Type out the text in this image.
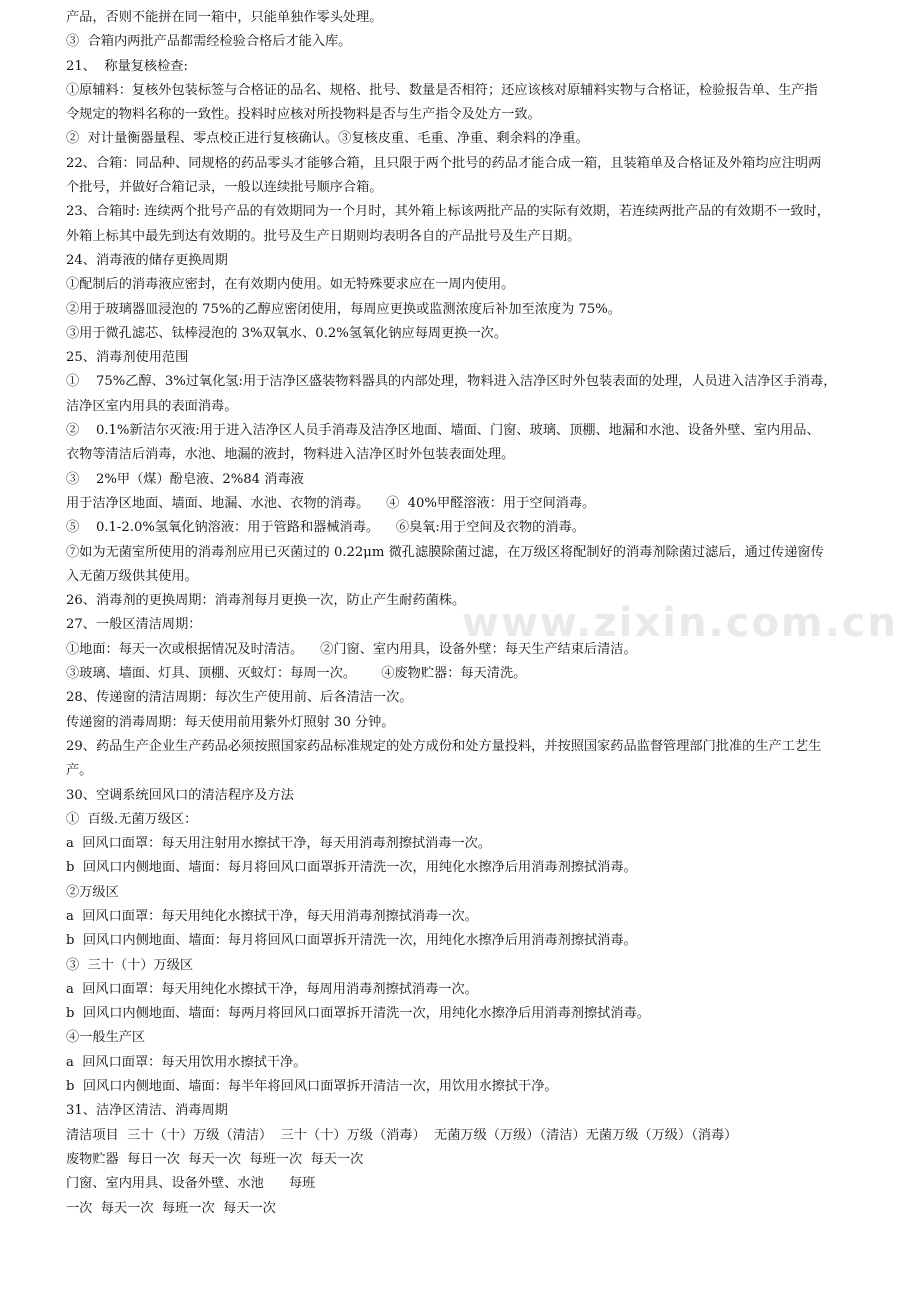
www.zixin.com.cn
产品，否则不能拼在同一箱中，只能单独作零头处理。
③  合箱内两批产品都需经检验合格后才能入库。
21、  称量复核检查:
①原辅料：复核外包装标签与合格证的品名、规格、批号、数量是否相符；还应该核对原辅料实物与合格证，检验报告单、生产指
令规定的物料名称的一致性。投料时应核对所投物料是否与生产指令及处方一致。
②  对计量衡器量程、零点校正进行复核确认。③复核皮重、毛重、净重、剩余料的净重。
22、合箱：同品种、同规格的药品零头才能够合箱，且只限于两个批号的药品才能合成一箱，且装箱单及合格证及外箱均应注明两
个批号，并做好合箱记录，一般以连续批号顺序合箱。
23、合箱时: 连续两个批号产品的有效期同为一个月时，其外箱上标该两批产品的实际有效期，若连续两批产品的有效期不一致时，
外箱上标其中最先到达有效期的。批号及生产日期则均表明各自的产品批号及生产日期。
24、消毒液的储存更换周期
①配制后的消毒液应密封，在有效期内使用。如无特殊要求应在一周内使用。
②用于玻璃器皿浸泡的 75%的乙醇应密闭使用，每周应更换或监测浓度后补加至浓度为 75%。
③用于微孔滤芯、钛棒浸泡的 3%双氧水、0.2%氢氧化钠应每周更换一次。
25、消毒剂使用范围
①    75%乙醇、3%过氧化氢:用于洁净区盛装物料器具的内部处理，物料进入洁净区时外包装表面的处理，人员进入洁净区手消毒，
洁净区室内用具的表面消毒。
②    0.1%新洁尔灭液:用于进入洁净区人员手消毒及洁净区地面、墙面、门窗、玻璃、顶棚、地漏和水池、设备外壁、室内用品、
衣物等清洁后消毒，水池、地漏的液封，物料进入洁净区时外包装表面处理。
③    2%甲（煤）酚皂液、2%84 消毒液
用于洁净区地面、墙面、地漏、水池、衣物的消毒。    ④  40%甲醛溶液：用于空间消毒。
⑤    0.1-2.0%氢氧化钠溶液：用于管路和器械消毒。    ⑥臭氧:用于空间及衣物的消毒。
⑦如为无菌室所使用的消毒剂应用已灭菌过的 0.22μm 微孔滤膜除菌过滤，在万级区将配制好的消毒剂除菌过滤后，通过传递窗传
入无菌万级供其使用。
26、消毒剂的更换周期：消毒剂每月更换一次，防止产生耐药菌株。
27、一般区清洁周期：
①地面：每天一次或根据情况及时清洁。    ②门窗、室内用具，设备外壁：每天生产结束后清洁。
③玻璃、墙面、灯具、顶棚、灭蚊灯：每周一次。      ④废物贮器：每天清洗。
28、传递窗的清洁周期：每次生产使用前、后各清洁一次。
传递窗的消毒周期：每天使用前用紫外灯照射 30 分钟。
29、药品生产企业生产药品必须按照国家药品标准规定的处方成份和处方量投料，并按照国家药品监督管理部门批准的生产工艺生
产。
30、空调系统回风口的清洁程序及方法
①  百级.无菌万级区：
a  回风口面罩：每天用注射用水擦拭干净，每天用消毒剂擦拭消毒一次。
b  回风口内侧地面、墙面：每月将回风口面罩拆开清洗一次，用纯化水擦净后用消毒剂擦拭消毒。
②万级区
a  回风口面罩：每天用纯化水擦拭干净，每天用消毒剂擦拭消毒一次。
b  回风口内侧地面、墙面：每月将回风口面罩拆开清洗一次，用纯化水擦净后用消毒剂擦拭消毒。
③  三十（十）万级区
a  回风口面罩：每天用纯化水擦拭干净，每周用消毒剂擦拭消毒一次。
b  回风口内侧地面、墙面：每两月将回风口面罩拆开清洗一次，用纯化水擦净后用消毒剂擦拭消毒。
④一般生产区
a  回风口面罩：每天用饮用水擦拭干净。
b  回风口内侧地面、墙面：每半年将回风口面罩拆开清洁一次，用饮用水擦拭干净。
31、洁净区清洁、消毒周期
清洁项目  三十（十）万级（清洁）  三十（十）万级（消毒）  无菌万级（万级）（清洁）无菌万级（万级）（消毒）
废物贮器  每日一次  每天一次  每班一次  每天一次
门窗、室内用具、设备外壁、水池      每班
一次  每天一次  每班一次  每天一次
